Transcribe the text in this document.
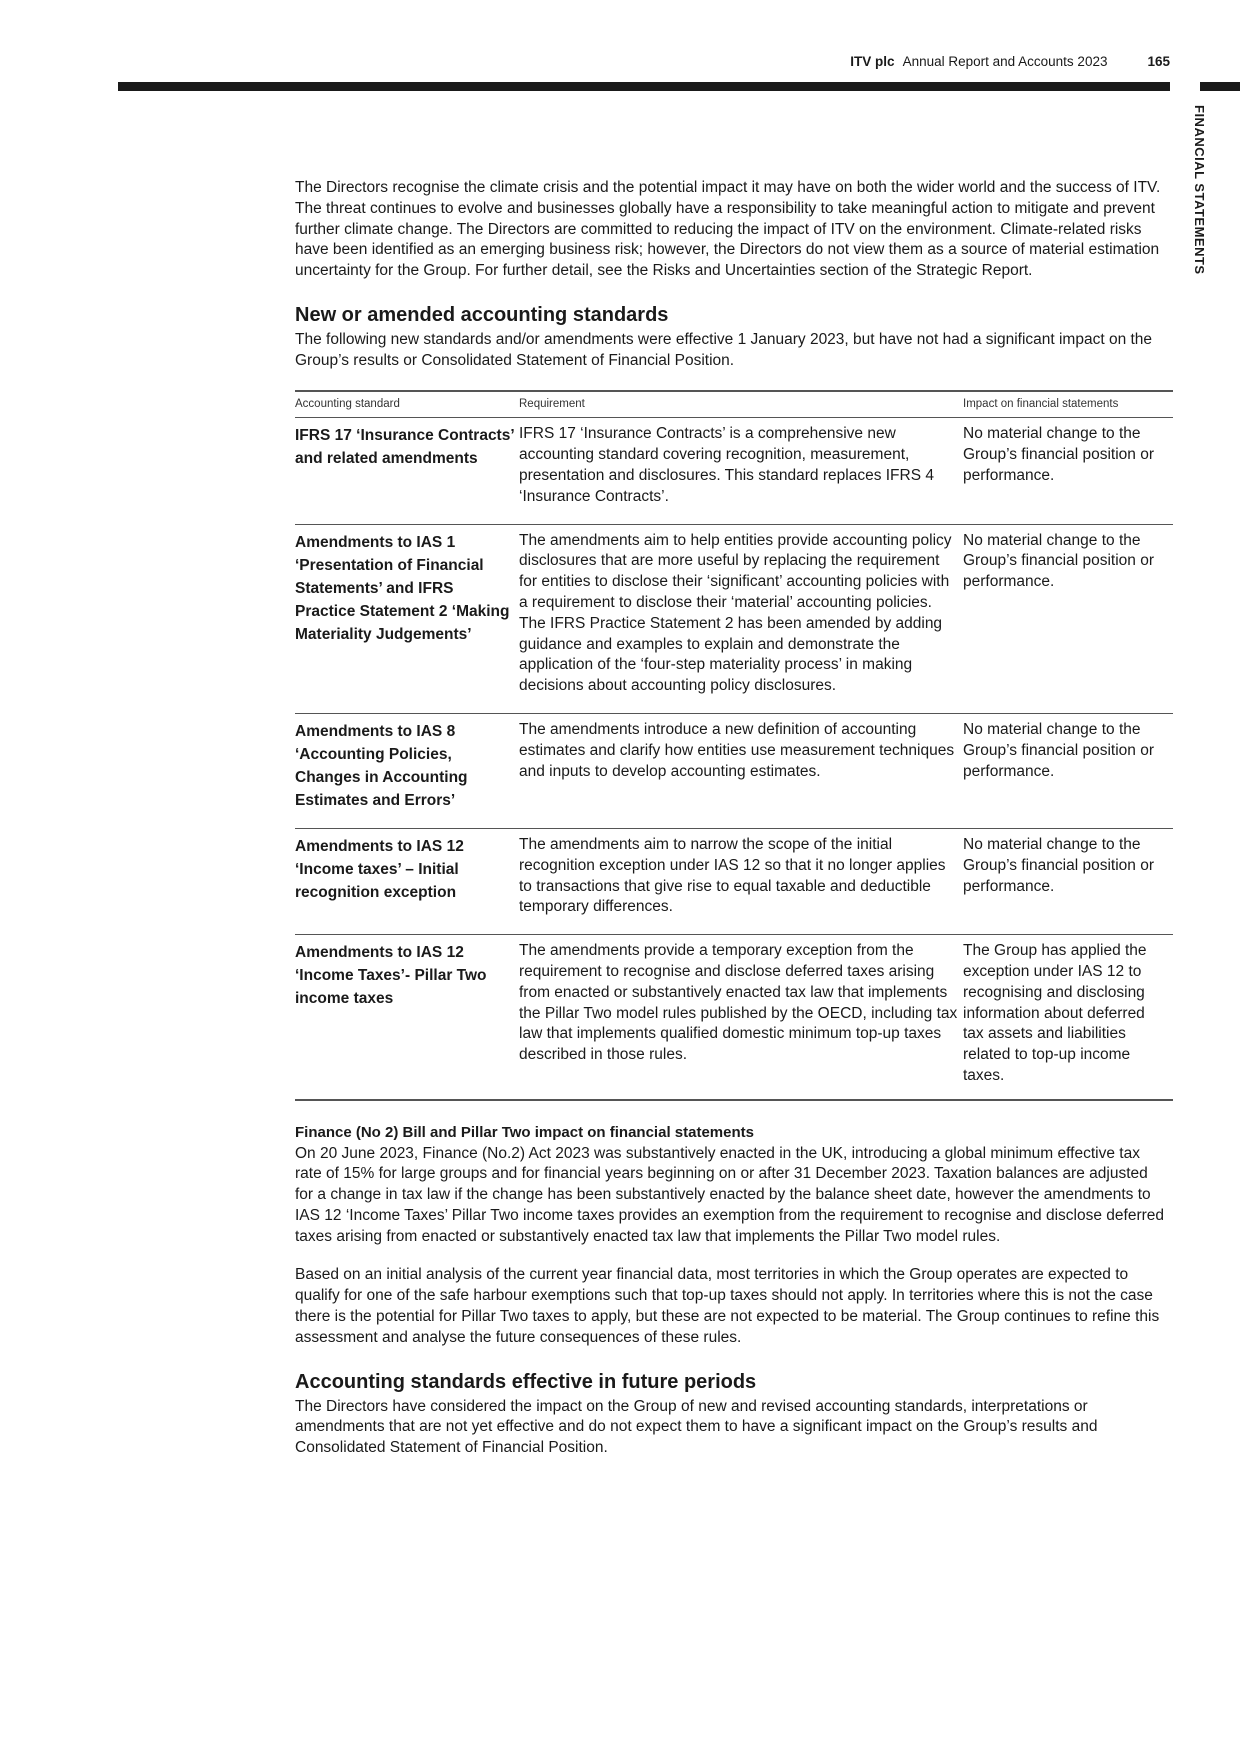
ITV plc Annual Report and Accounts 2023	165
FINANCIAL STATEMENTS

The Directors recognise the climate crisis and the potential impact it may have on both the wider world and the success of ITV. The threat continues to evolve and businesses globally have a responsibility to take meaningful action to mitigate and prevent further climate change. The Directors are committed to reducing the impact of ITV on the environment. Climate-related risks have been identified as an emerging business risk; however, the Directors do not view them as a source of material estimation uncertainty for the Group. For further detail, see the Risks and Uncertainties section of the Strategic Report.

New or amended accounting standards

The following new standards and/or amendments were effective 1 January 2023, but have not had a significant impact on the Group’s results or Consolidated Statement of Financial Position.

Accounting standard	Requirement	Impact on financial statements
IFRS 17 ‘Insurance Contracts’ and related amendments	IFRS 17 ‘Insurance Contracts’ is a comprehensive new accounting standard covering recognition, measurement, presentation and disclosures. This standard replaces IFRS 4 ‘Insurance Contracts’.	No material change to the Group’s financial position or performance.
Amendments to IAS 1 ‘Presentation of Financial Statements’ and IFRS Practice Statement 2 ‘Making Materiality Judgements’	The amendments aim to help entities provide accounting policy disclosures that are more useful by replacing the requirement for entities to disclose their ‘significant’ accounting policies with a requirement to disclose their ‘material’ accounting policies. The IFRS Practice Statement 2 has been amended by adding guidance and examples to explain and demonstrate the application of the ‘four-step materiality process’ in making decisions about accounting policy disclosures.	No material change to the Group’s financial position or performance.
Amendments to IAS 8 ‘Accounting Policies, Changes in Accounting Estimates and Errors’	The amendments introduce a new definition of accounting estimates and clarify how entities use measurement techniques and inputs to develop accounting estimates.	No material change to the Group’s financial position or performance.
Amendments to IAS 12 ‘Income taxes’ – Initial recognition exception	The amendments aim to narrow the scope of the initial recognition exception under IAS 12 so that it no longer applies to transactions that give rise to equal taxable and deductible temporary differences.	No material change to the Group’s financial position or performance.
Amendments to IAS 12 ‘Income Taxes’- Pillar Two income taxes	The amendments provide a temporary exception from the requirement to recognise and disclose deferred taxes arising from enacted or substantively enacted tax law that implements the Pillar Two model rules published by the OECD, including tax law that implements qualified domestic minimum top-up taxes described in those rules.	The Group has applied the exception under IAS 12 to recognising and disclosing information about deferred tax assets and liabilities related to top-up income taxes.
Finance (No 2) Bill and Pillar Two impact on financial statements

On 20 June 2023, Finance (No.2) Act 2023 was substantively enacted in the UK, introducing a global minimum effective tax rate of 15% for large groups and for financial years beginning on or after 31 December 2023. Taxation balances are adjusted for a change in tax law if the change has been substantively enacted by the balance sheet date, however the amendments to IAS 12 ‘Income Taxes’ Pillar Two income taxes provides an exemption from the requirement to recognise and disclose deferred taxes arising from enacted or substantively enacted tax law that implements the Pillar Two model rules.

Based on an initial analysis of the current year financial data, most territories in which the Group operates are expected to qualify for one of the safe harbour exemptions such that top-up taxes should not apply. In territories where this is not the case there is the potential for Pillar Two taxes to apply, but these are not expected to be material. The Group continues to refine this assessment and analyse the future consequences of these rules.

Accounting standards effective in future periods

The Directors have considered the impact on the Group of new and revised accounting standards, interpretations or amendments that are not yet effective and do not expect them to have a significant impact on the Group’s results and Consolidated Statement of Financial Position.
